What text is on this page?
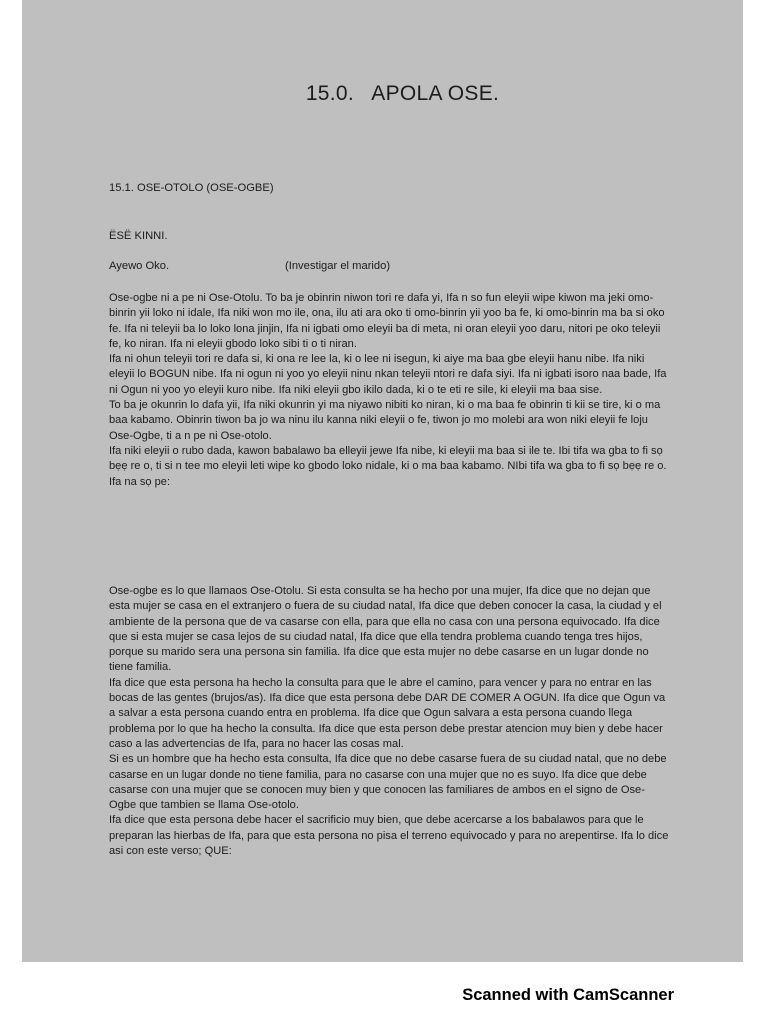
15.0.   APOLA OSE.
15.1. OSE-OTOLO (OSE-OGBE)
ËSË KINNI.
Ayewo Oko.	(Investigar el marido)

Ose-ogbe ni a pe ni Ose-Otolu. To ba je obinrin niwon tori re dafa yi, Ifa n so fun eleyii wipe kiwon ma jeki omo-binrin yii loko ni idale, Ifa niki won mo ile, ona, ilu ati ara oko ti omo-binrin yii yoo ba fe, ki omo-binrin ma ba si oko fe. Ifa ni teleyii ba lo loko lona jinjin, Ifa ni igbati omo eleyii ba di meta, ni oran eleyii yoo daru, nitori pe oko teleyii fe, ko niran. Ifa ni eleyii gbodo loko sibi ti o ti niran.

Ifa ni ohun teleyii tori re dafa si, ki ona re lee la, ki o lee ni isegun, ki aiye ma baa gbe eleyii hanu nibe. Ifa niki eleyii lo BOGUN nibe. Ifa ni ogun ni yoo yo eleyii ninu nkan teleyii ntori re dafa siyi. Ifa ni igbati isoro naa bade, Ifa ni Ogun ni yoo yo eleyii kuro nibe. Ifa niki eleyii gbo ikilo dada, ki o te eti re sile, ki eleyii ma baa sise.

To ba je okunrin lo dafa yii, Ifa niki okunrin yi ma niyawo nibiti ko niran, ki o ma baa fe obinrin ti kii se tire, ki o ma baa kabamo. Obinrin tiwon ba jo wa ninu ilu kanna niki eleyii o fe, tiwon jo mo molebi ara won niki eleyii fe loju Ose-Ogbe, ti a n pe ni Ose-otolo.

Ifa niki eleyii o rubo dada, kawon babalawo ba elleyii jewe Ifa nibe, ki eleyii ma baa si ile te. Ibi tifa wa gba to fi sọ bẹẹ re o, ti si n tee mo eleyii leti wipe ko gbodo loko nidale, ki o ma baa kabamo. NIbi tifa wa gba to fi sọ bẹẹ re o. Ifa na sọ pe:

Ose-ogbe es lo que llamaos Ose-Otolu. Si esta consulta se ha hecho por una mujer, Ifa dice que no dejan que esta mujer se casa en el extranjero o fuera de su ciudad natal, Ifa dice que deben conocer la casa, la ciudad y el ambiente de la persona que de va casarse con ella, para que ella no casa con una persona equivocado. Ifa dice que si esta mujer se casa lejos de su ciudad natal, Ifa dice que ella tendra problema cuando tenga tres hijos, porque su marido sera una persona sin familia. Ifa dice que esta mujer no debe casarse en un lugar donde no tiene familia.

Ifa dice que esta persona ha hecho la consulta para que le abre el camino, para vencer y para no entrar en las bocas de las gentes (brujos/as). Ifa dice que esta persona debe DAR DE COMER A OGUN. Ifa dice que Ogun va a salvar a esta persona cuando entra en problema. Ifa dice que Ogun salvara a esta persona cuando llega problema por lo que ha hecho la consulta. Ifa dice que esta person debe prestar atencion muy bien y debe hacer caso a las advertencias de Ifa, para no hacer las cosas mal.

Si es un hombre que ha hecho esta consulta, Ifa dice que no debe casarse fuera de su ciudad natal, que no debe casarse en un lugar donde no tiene familia, para no casarse con una mujer que no es suyo. Ifa dice que debe casarse con una mujer que se conocen muy bien y que conocen las familiares de ambos en el signo de Ose-Ogbe que tambien se llama Ose-otolo.

Ifa dice que esta persona debe hacer el sacrificio muy bien, que debe acercarse a los babalawos para que le preparan las hierbas de Ifa, para que esta persona no pisa el terreno equivocado y para no arepentirse. Ifa lo dice asi con este verso; QUE:

Scanned with CamScanner
